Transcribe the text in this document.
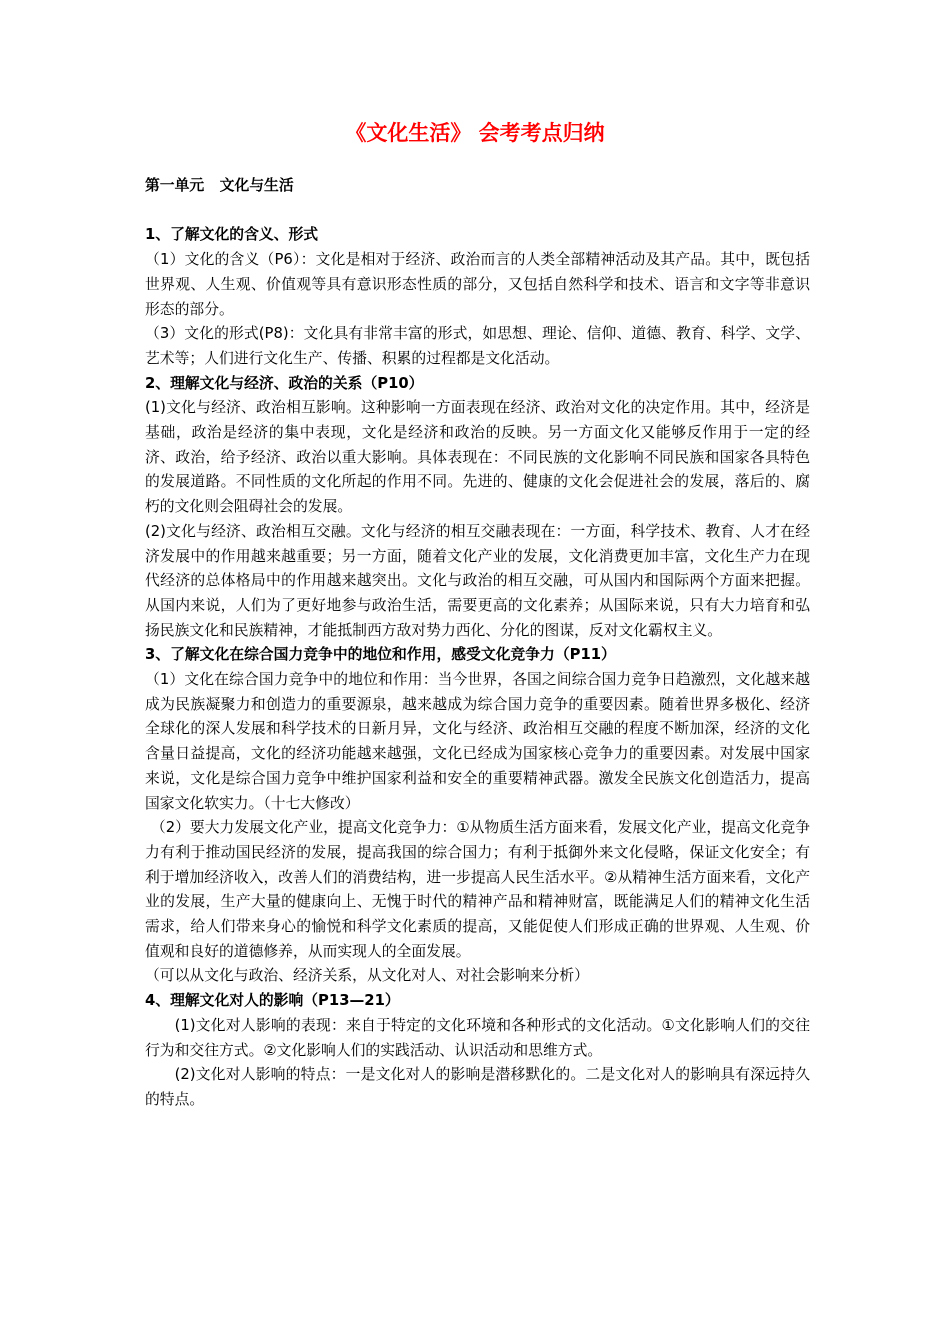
《文化生活》 会考考点归纳
第一单元   文化与生活
1、了解文化的含义、形式
（1）文化的含义（P6）：文化是相对于经济、政治而言的人类全部精神活动及其产品。其中，既包括世界观、人生观、价值观等具有意识形态性质的部分，又包括自然科学和技术、语言和文字等非意识形态的部分。
（3）文化的形式(P8)：文化具有非常丰富的形式，如思想、理论、信仰、道德、教育、科学、文学、艺术等；人们进行文化生产、传播、积累的过程都是文化活动。
2、理解文化与经济、政治的关系（P10）
(1)文化与经济、政治相互影响。这种影响一方面表现在经济、政治对文化的决定作用。其中，经济是基础，政治是经济的集中表现，文化是经济和政治的反映。另一方面文化又能够反作用于一定的经济、政治，给予经济、政治以重大影响。具体表现在：不同民族的文化影响不同民族和国家各具特色的发展道路。不同性质的文化所起的作用不同。先进的、健康的文化会促进社会的发展，落后的、腐朽的文化则会阻碍社会的发展。
(2)文化与经济、政治相互交融。文化与经济的相互交融表现在：一方面，科学技术、教育、人才在经济发展中的作用越来越重要；另一方面，随着文化产业的发展，文化消费更加丰富，文化生产力在现代经济的总体格局中的作用越来越突出。文化与政治的相互交融，可从国内和国际两个方面来把握。从国内来说，人们为了更好地参与政治生活，需要更高的文化素养；从国际来说，只有大力培育和弘扬民族文化和民族精神，才能抵制西方敌对势力西化、分化的图谋，反对文化霸权主义。
3、了解文化在综合国力竞争中的地位和作用，感受文化竞争力（P11）
（1）文化在综合国力竞争中的地位和作用：当今世界，各国之间综合国力竞争日趋激烈，文化越来越成为民族凝聚力和创造力的重要源泉，越来越成为综合国力竞争的重要因素。随着世界多极化、经济全球化的深人发展和科学技术的日新月异，文化与经济、政治相互交融的程度不断加深，经济的文化含量日益提高，文化的经济功能越来越强，文化已经成为国家核心竞争力的重要因素。对发展中国家来说，文化是综合国力竞争中维护国家利益和安全的重要精神武器。激发全民族文化创造活力，提高国家文化软实力。（十七大修改）
（2）要大力发展文化产业，提高文化竞争力：①从物质生活方面来看，发展文化产业，提高文化竞争力有利于推动国民经济的发展，提高我国的综合国力；有利于抵御外来文化侵略，保证文化安全；有利于增加经济收入，改善人们的消费结构，进一步提高人民生活水平。②从精神生活方面来看，文化产业的发展，生产大量的健康向上、无愧于时代的精神产品和精神财富，既能满足人们的精神文化生活需求，给人们带来身心的愉悦和科学文化素质的提高，又能促使人们形成正确的世界观、人生观、价值观和良好的道德修养，从而实现人的全面发展。
（可以从文化与政治、经济关系，从文化对人、对社会影响来分析）
4、理解文化对人的影响（P13—21）
(1)文化对人影响的表现：来自于特定的文化环境和各种形式的文化活动。①文化影响人们的交往行为和交往方式。②文化影响人们的实践活动、认识活动和思维方式。
(2)文化对人影响的特点：一是文化对人的影响是潜移默化的。二是文化对人的影响具有深远持久的特点。
